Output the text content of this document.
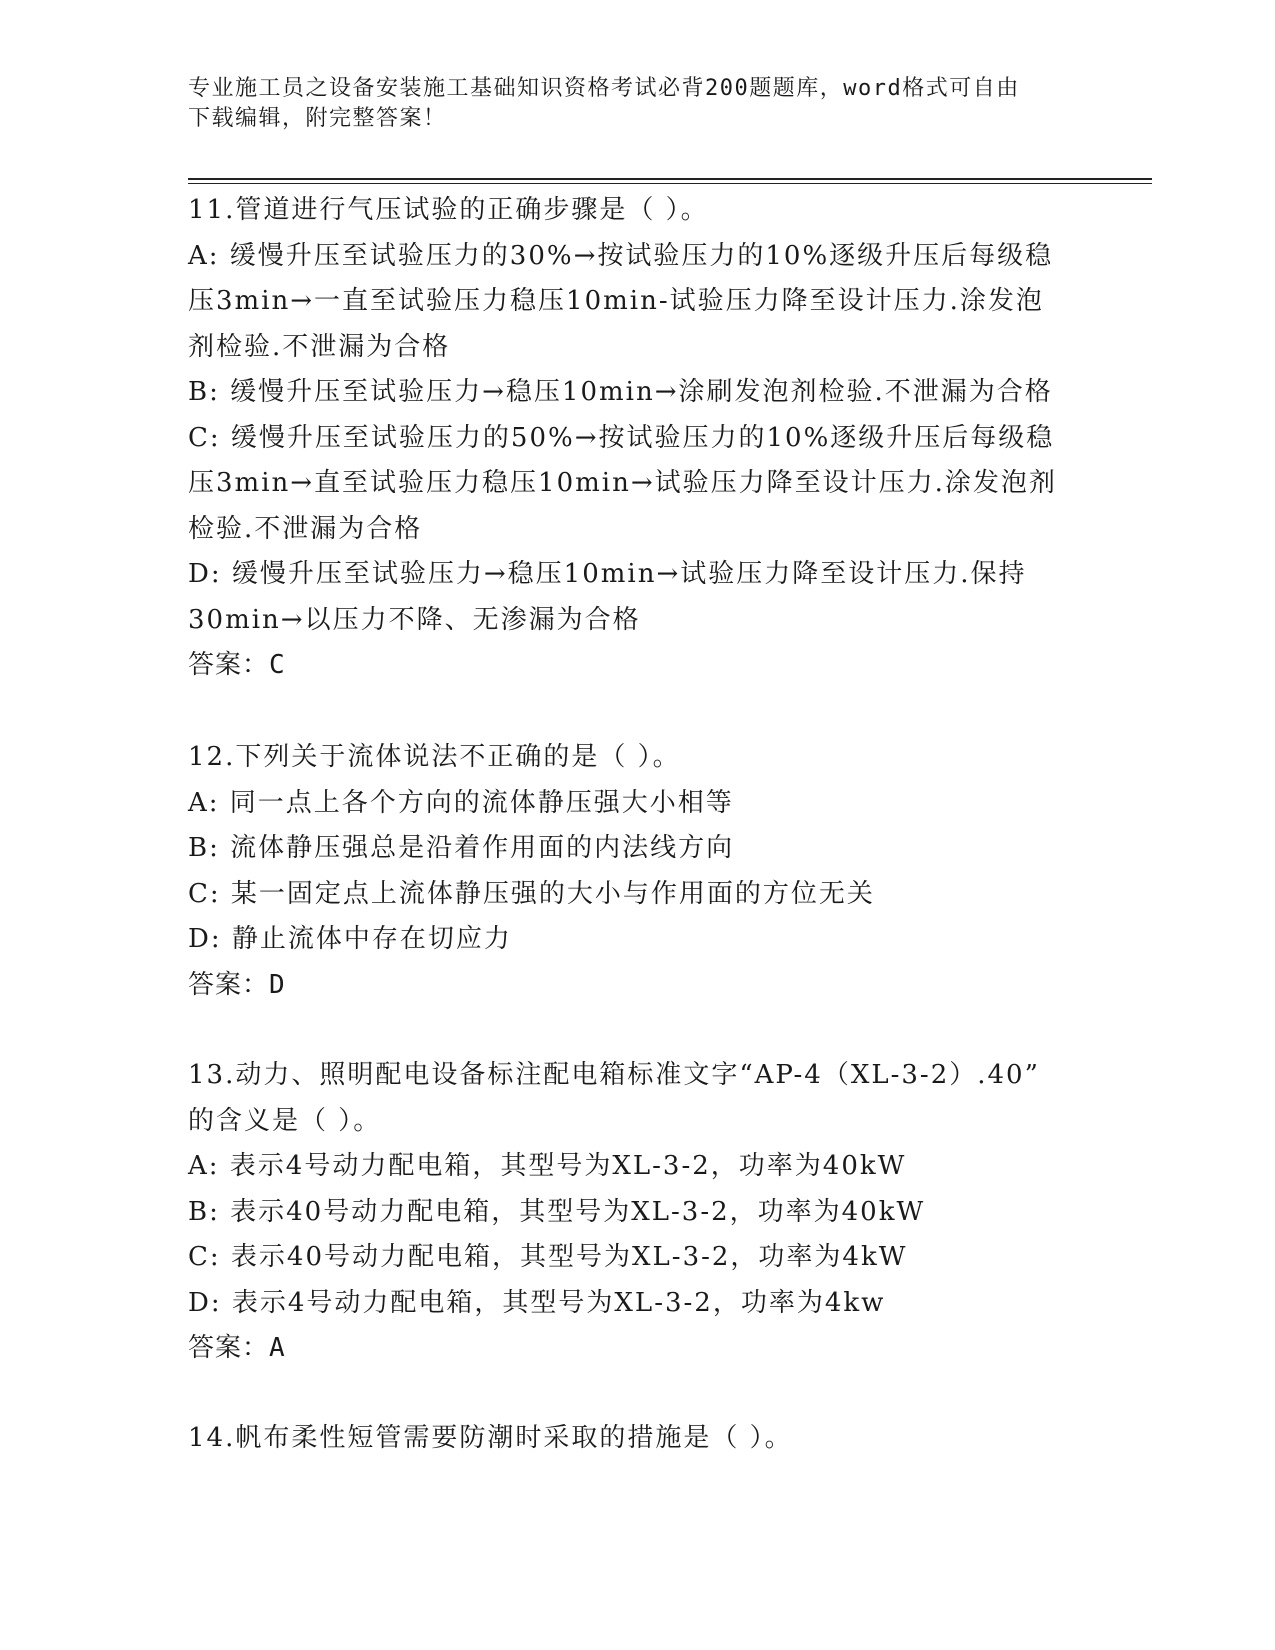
专业施工员之设备安装施工基础知识资格考试必背200题题库，word格式可自由
下载编辑，附完整答案！
11.管道进行气压试验的正确步骤是（ ）。
A: 缓慢升压至试验压力的30%→按试验压力的10%逐级升压后每级稳
压3min→一直至试验压力稳压10min-试验压力降至设计压力.涂发泡
剂检验.不泄漏为合格
B: 缓慢升压至试验压力→稳压10min→涂刷发泡剂检验.不泄漏为合格
C: 缓慢升压至试验压力的50%→按试验压力的10%逐级升压后每级稳
压3min→直至试验压力稳压10min→试验压力降至设计压力.涂发泡剂
检验.不泄漏为合格
D: 缓慢升压至试验压力→稳压10min→试验压力降至设计压力.保持
30min→以压力不降、无渗漏为合格
答案：C
12.下列关于流体说法不正确的是（ ）。
A: 同一点上各个方向的流体静压强大小相等
B: 流体静压强总是沿着作用面的内法线方向
C: 某一固定点上流体静压强的大小与作用面的方位无关
D: 静止流体中存在切应力
答案：D
13.动力、照明配电设备标注配电箱标准文字“AP-4（XL-3-2）.40”
的含义是（ ）。
A: 表示4号动力配电箱，其型号为XL-3-2，功率为40kW
B: 表示40号动力配电箱，其型号为XL-3-2，功率为40kW
C: 表示40号动力配电箱，其型号为XL-3-2，功率为4kW
D: 表示4号动力配电箱，其型号为XL-3-2，功率为4kw
答案：A
14.帆布柔性短管需要防潮时采取的措施是（ ）。
